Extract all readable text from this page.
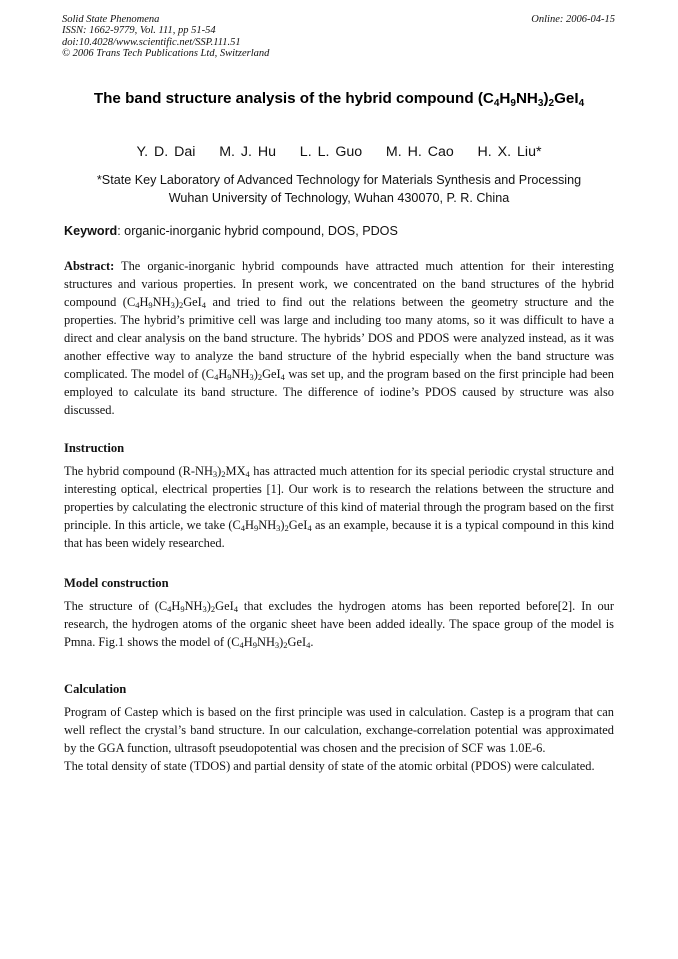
Solid State Phenomena
ISSN: 1662-9779, Vol. 111, pp 51-54
doi:10.4028/www.scientific.net/SSP.111.51
© 2006 Trans Tech Publications Ltd, Switzerland
Online: 2006-04-15
The band structure analysis of the hybrid compound $(C_4H_9NH_3)_2GeI_4$
Y. D. Dai    M. J. Hu    L. L. Guo    M. H. Cao    H. X. Liu*
*State Key Laboratory of Advanced Technology for Materials Synthesis and Processing
Wuhan University of Technology, Wuhan 430070, P. R. China
Keyword: organic-inorganic hybrid compound, DOS, PDOS
Abstract: The organic-inorganic hybrid compounds have attracted much attention for their interesting structures and various properties. In present work, we concentrated on the band structures of the hybrid compound $(C_4H_9NH_3)_2GeI_4$ and tried to find out the relations between the geometry structure and the properties. The hybrid’s primitive cell was large and including too many atoms, so it was difficult to have a direct and clear analysis on the band structure. The hybrids’ DOS and PDOS were analyzed instead, as it was another effective way to analyze the band structure of the hybrid especially when the band structure was complicated. The model of $(C_4H_9NH_3)_2GeI_4$ was set up, and the program based on the first principle had been employed to calculate its band structure. The difference of iodine’s PDOS caused by structure was also discussed.
Instruction
The hybrid compound $(R-NH_3)_2MX_4$ has attracted much attention for its special periodic crystal structure and interesting optical, electrical properties [1]. Our work is to research the relations between the structure and properties by calculating the electronic structure of this kind of material through the program based on the first principle. In this article, we take $(C_4H_9NH_3)_2GeI_4$ as an example, because it is a typical compound in this kind that has been widely researched.
Model construction
The structure of $(C_4H_9NH_3)_2GeI_4$ that excludes the hydrogen atoms has been reported before[2]. In our research, the hydrogen atoms of the organic sheet have been added ideally. The space group of the model is Pmna. Fig.1 shows the model of $(C_4H_9NH_3)_2GeI_4$.
Calculation
Program of Castep which is based on the first principle was used in calculation. Castep is a program that can well reflect the crystal’s band structure. In our calculation, exchange-correlation potential was approximated by the GGA function, ultrasoft pseudopotential was chosen and the precision of SCF was 1.0E-6.
The total density of state (TDOS) and partial density of state of the atomic orbital (PDOS) were calculated.
